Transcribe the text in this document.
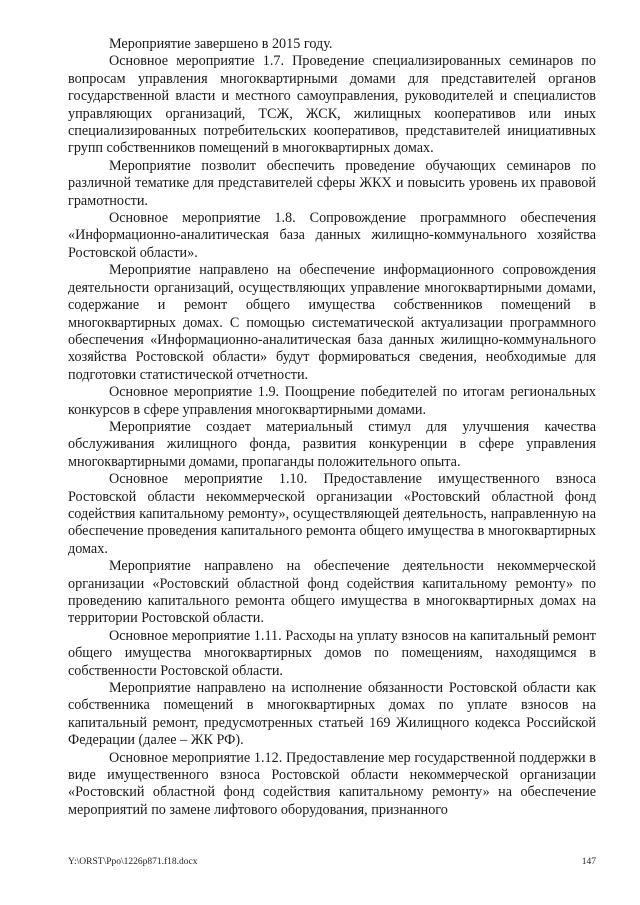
Мероприятие завершено в 2015 году.

Основное мероприятие 1.7. Проведение специализированных семинаров по вопросам управления многоквартирными домами для представителей органов государственной власти и местного самоуправления, руководителей и специалистов управляющих организаций, ТСЖ, ЖСК, жилищных кооперативов или иных специализированных потребительских кооперативов, представителей инициативных групп собственников помещений в многоквартирных домах.

Мероприятие позволит обеспечить проведение обучающих семинаров по различной тематике для представителей сферы ЖКХ и повысить уровень их правовой грамотности.

Основное мероприятие 1.8. Сопровождение программного обеспечения «Информационно-аналитическая база данных жилищно-коммунального хозяйства Ростовской области».

Мероприятие направлено на обеспечение информационного сопровождения деятельности организаций, осуществляющих управление многоквартирными домами, содержание и ремонт общего имущества собственников помещений в многоквартирных домах. С помощью систематической актуализации программного обеспечения «Информационно-аналитическая база данных жилищно-коммунального хозяйства Ростовской области» будут формироваться сведения, необходимые для подготовки статистической отчетности.

Основное мероприятие 1.9. Поощрение победителей по итогам региональных конкурсов в сфере управления многоквартирными домами.

Мероприятие создает материальный стимул для улучшения качества обслуживания жилищного фонда, развития конкуренции в сфере управления многоквартирными домами, пропаганды положительного опыта.

Основное мероприятие 1.10. Предоставление имущественного взноса Ростовской области некоммерческой организации «Ростовский областной фонд содействия капитальному ремонту», осуществляющей деятельность, направленную на обеспечение проведения капитального ремонта общего имущества в многоквартирных домах.

Мероприятие направлено на обеспечение деятельности некоммерческой организации «Ростовский областной фонд содействия капитальному ремонту» по проведению капитального ремонта общего имущества в многоквартирных домах на территории Ростовской области.

Основное мероприятие 1.11. Расходы на уплату взносов на капитальный ремонт общего имущества многоквартирных домов по помещениям, находящимся в собственности Ростовской области.

Мероприятие направлено на исполнение обязанности Ростовской области как собственника помещений в многоквартирных домах по уплате взносов на капитальный ремонт, предусмотренных статьей 169 Жилищного кодекса Российской Федерации (далее – ЖК РФ).

Основное мероприятие 1.12. Предоставление мер государственной поддержки в виде имущественного взноса Ростовской области некоммерческой организации «Ростовский областной фонд содействия капитальному ремонту» на обеспечение мероприятий по замене лифтового оборудования, признанного

Y:\ORST\Ppo\1226p871.f18.docx	147
